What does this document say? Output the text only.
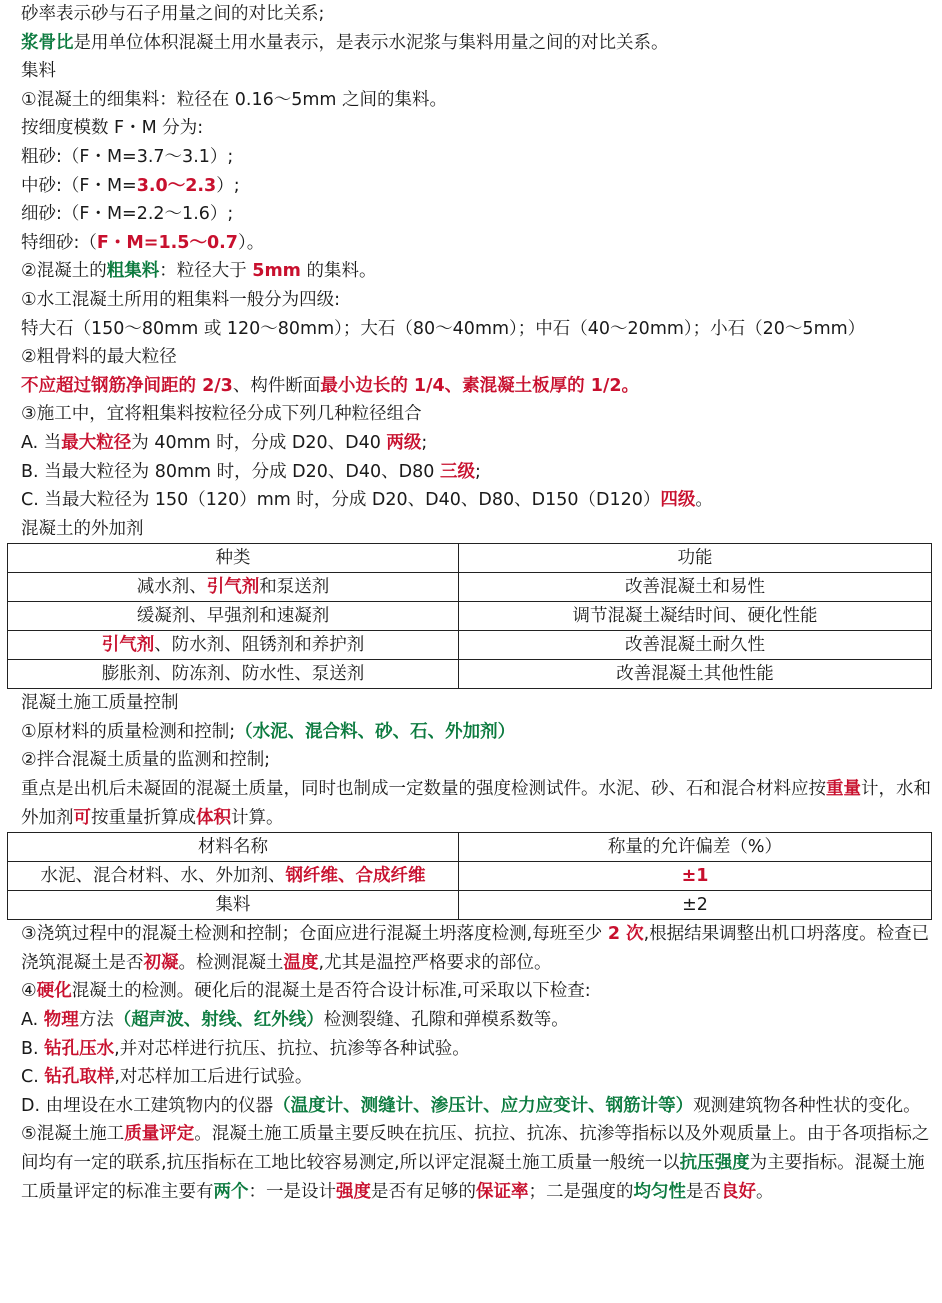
砂率表示砂与石子用量之间的对比关系;
浆骨比是用单位体积混凝土用水量表示，是表示水泥浆与集料用量之间的对比关系。
集料
①混凝土的细集料：粒径在 0.16～5mm 之间的集料。
按细度模数 F・M 分为:
粗砂:（F・M=3.7～3.1）;
中砂:（F・M=3.0～2.3）;
细砂:（F・M=2.2～1.6）;
特细砂:（F・M=1.5～0.7）。
②混凝土的粗集料：粒径大于 5mm 的集料。
①水工混凝土所用的粗集料一般分为四级:
特大石（150～80mm 或 120～80mm）；大石（80～40mm）；中石（40～20mm）；小石（20～5mm）
②粗骨料的最大粒径
不应超过钢筋净间距的 2/3、构件断面最小边长的 1/4、素混凝土板厚的 1/2。
③施工中，宜将粗集料按粒径分成下列几种粒径组合
A. 当最大粒径为 40mm 时，分成 D20、D40 两级;
B. 当最大粒径为 80mm 时，分成 D20、D40、D80 三级;
C. 当最大粒径为 150（120）mm 时，分成 D20、D40、D80、D150（D120）四级。
混凝土的外加剂
种类	功能
减水剂、引气剂和泵送剂	改善混凝土和易性
缓凝剂、早强剂和速凝剂	调节混凝土凝结时间、硬化性能
引气剂、防水剂、阻锈剂和养护剂	改善混凝土耐久性
膨胀剂、防冻剂、防水性、泵送剂	改善混凝土其他性能
混凝土施工质量控制
①原材料的质量检测和控制;（水泥、混合料、砂、石、外加剂）
②拌合混凝土质量的监测和控制;
重点是出机后未凝固的混凝土质量，同时也制成一定数量的强度检测试件。水泥、砂、石和混合材料应按重量计，水和外加剂可按重量折算成体积计算。
材料名称	称量的允许偏差（%）
水泥、混合材料、水、外加剂、钢纤维、合成纤维	±1
集料	±2
③浇筑过程中的混凝土检测和控制；仓面应进行混凝土坍落度检测,每班至少 2 次,根据结果调整出机口坍落度。检查已浇筑混凝土是否初凝。检测混凝土温度,尤其是温控严格要求的部位。
④硬化混凝土的检测。硬化后的混凝土是否符合设计标准,可采取以下检查:
A. 物理方法（超声波、射线、红外线）检测裂缝、孔隙和弹模系数等。
B. 钻孔压水,并对芯样进行抗压、抗拉、抗渗等各种试验。
C. 钻孔取样,对芯样加工后进行试验。
D. 由埋设在水工建筑物内的仪器（温度计、测缝计、渗压计、应力应变计、钢筋计等）观测建筑物各种性状的变化。
⑤混凝土施工质量评定。混凝土施工质量主要反映在抗压、抗拉、抗冻、抗渗等指标以及外观质量上。由于各项指标之间均有一定的联系,抗压指标在工地比较容易测定,所以评定混凝土施工质量一般统一以抗压强度为主要指标。混凝土施工质量评定的标准主要有两个：一是设计强度是否有足够的保证率；二是强度的均匀性是否良好。
